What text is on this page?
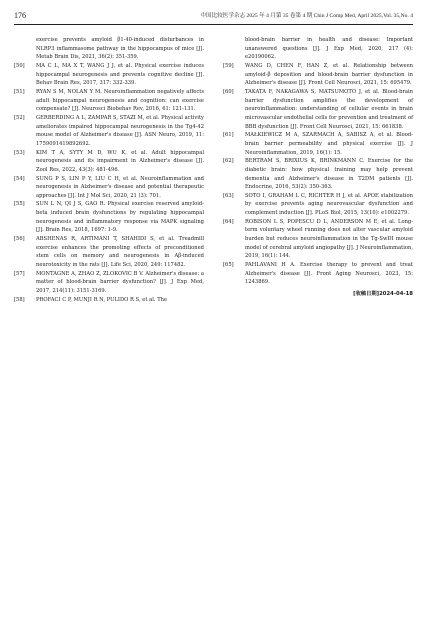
176	中国比较医学杂志 2025 年 4 月第 35 卷第 4 期 Chin J Comp Med, April 2025,Vol. 35,No. 4
exercise prevents amyloid β1-40-induced disturbances in NLRP3 inflammasome pathway in the hippocampus of mice [J]. Metab Brain Dis, 2021, 36(2): 351-359.
[50]	MA C L, MA X T, WANG J J, et al. Physical exercise induces hippocampal neurogenesis and prevents cognitive decline [J]. Behav Brain Res, 2017, 317: 332-339.
[51]	RYAN S M, NOLAN Y M. Neuroinflammation negatively affects adult hippocampal neurogenesis and cognition: can exercise compensate? [J]. Neurosci Biobehav Rev, 2016, 61: 121-131.
[52]	GERBERDING A L, ZAMPAR S, STAZI M, et al. Physical activity ameliorates impaired hippocampal neurogenesis in the Tg4-42 mouse model of Alzheimer's disease [J]. ASN Neuro, 2019, 11: 1759091419892692.
[53]	KIM T A, SYTY M D, WU K, et al. Adult hippocampal neurogenesis and its impairment in Alzheimer's disease [J]. Zool Res, 2022, 43(3): 481-496.
[54]	SUNG P S, LIN P Y, LIU C H, et al. Neuroinflammation and neurogenesis in Alzheimer's disease and potential therapeutic approaches [J]. Int J Mol Sci, 2020, 21 (3): 701.
[55]	SUN L N, QI J S, GAO R. Physical exercise reserved amyloid-beta induced brain dysfunctions by regulating hippocampal neurogenesis and inflammatory response via MAPK signaling [J]. Brain Res, 2018, 1697: 1-9.
[56]	ABSHENAS R, ARTIMANI T, SHAHIDI S, et al. Treadmill exercise enhances the promoting effects of preconditioned stem cells on memory and neurogenesis in Aβ-induced neurotoxicity in the rats [J]. Life Sci, 2020, 249: 117482.
[57]	MONTAGNE A, ZHAO Z, ZLOKOVIC B V. Alzheimer's disease: a matter of blood-brain barrier dysfunction? [J]. J Exp Med, 2017, 214(11): 3151-3169.
[58]	PROFACI C P, MUNJI R N, PULIDO R S, et al. The
blood-brain barrier in health and disease: Important unanswered questions [J]. J Exp Med, 2020, 217 (4): e20190062.
[59]	WANG D, CHEN F, HAN Z, et al. Relationship between amyloid-β deposition and blood-brain barrier dysfunction in Alzheimer's disease [J]. Front Cell Neurosci, 2021, 15: 695479.
[60]	TAKATA F, NAKAGAWA S, MATSUMOTO J, et al. Blood-brain barrier dysfunction amplifies the development of neuroinflammation: understanding of cellular events in brain microvascular endothelial cells for prevention and treatment of BBB dysfunction [J]. Front Cell Neurosci, 2021, 15: 661838.
[61]	MAŁKIEWICZ M A, SZARMACH A, SABISZ A, et al. Blood-brain barrier permeability and physical exercise [J]. J Neuroinflammation, 2019, 16(1): 15.
[62]	BERTRAM S, BRIXIUS K, BRINKMANN C. Exercise for the diabetic brain: how physical training may help prevent dementia and Alzheimer's disease in T2DM patients [J]. Endocrine, 2016, 53(2): 350-363.
[63]	SOTO I, GRAHAM L C, RICHTER H J, et al. APOE stabilization by exercise prevents aging neurovascular dysfunction and complement induction [J]. PLoS Biol, 2015, 13(10): e1002279.
[64]	ROBISON L S, POPESCU D L, ANDERSON M E, et al. Long-term voluntary wheel running does not alter vascular amyloid burden but reduces neuroinflammation in the Tg-SwDI mouse model of cerebral amyloid angiopathy [J]. J Neuroinflammation, 2019, 16(1): 144.
[65]	PAHLAVANI H A. Exercise therapy to prevent and treat Alzheimer's disease [J]. Front Aging Neurosci, 2023, 15: 1243869.
[收稿日期]2024-04-18
